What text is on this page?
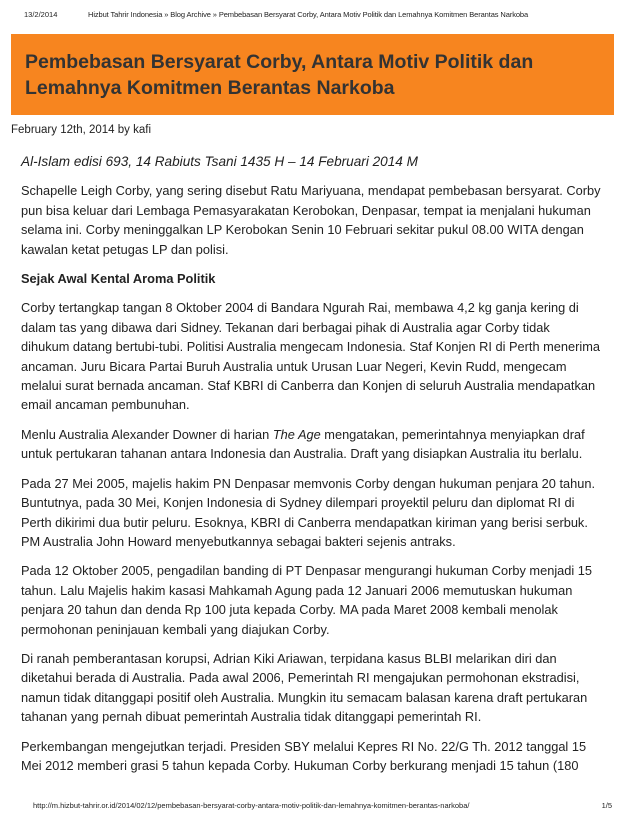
13/2/2014	Hizbut Tahrir Indonesia » Blog Archive » Pembebasan Bersyarat Corby, Antara Motiv Politik dan Lemahnya Komitmen Berantas Narkoba
Pembebasan Bersyarat Corby, Antara Motiv Politik dan Lemahnya Komitmen Berantas Narkoba
February 12th, 2014 by kafi

Al-Islam edisi 693, 14 Rabiuts Tsani 1435 H – 14 Februari 2014 M

Schapelle Leigh Corby, yang sering disebut Ratu Mariyuana, mendapat pembebasan bersyarat. Corby pun bisa keluar dari Lembaga Pemasyarakatan Kerobokan, Denpasar, tempat ia menjalani hukuman selama ini. Corby meninggalkan LP Kerobokan Senin 10 Februari sekitar pukul 08.00 WITA dengan kawalan ketat petugas LP dan polisi.

Sejak Awal Kental Aroma Politik

Corby tertangkap tangan 8 Oktober 2004 di Bandara Ngurah Rai, membawa 4,2 kg ganja kering di dalam tas yang dibawa dari Sidney. Tekanan dari berbagai pihak di Australia agar Corby tidak dihukum datang bertubi-tubi. Politisi Australia mengecam Indonesia. Staf Konjen RI di Perth menerima ancaman. Juru Bicara Partai Buruh Australia untuk Urusan Luar Negeri, Kevin Rudd, mengecam melalui surat bernada ancaman. Staf KBRI di Canberra dan Konjen di seluruh Australia mendapatkan email ancaman pembunuhan.

Menlu Australia Alexander Downer di harian The Age mengatakan, pemerintahnya menyiapkan draf untuk pertukaran tahanan antara Indonesia dan Australia. Draft yang disiapkan Australia itu berlalu.

Pada 27 Mei 2005, majelis hakim PN Denpasar memvonis Corby dengan hukuman penjara 20 tahun. Buntutnya, pada 30 Mei, Konjen Indonesia di Sydney dilempari proyektil peluru dan diplomat RI di Perth dikirimi dua butir peluru. Esoknya, KBRI di Canberra mendapatkan kiriman yang berisi serbuk. PM Australia John Howard menyebutkannya sebagai bakteri sejenis antraks.

Pada 12 Oktober 2005, pengadilan banding di PT Denpasar mengurangi hukuman Corby menjadi 15 tahun. Lalu Majelis hakim kasasi Mahkamah Agung pada 12 Januari 2006 memutuskan hukuman penjara 20 tahun dan denda Rp 100 juta kepada Corby. MA pada Maret 2008 kembali menolak permohonan peninjauan kembali yang diajukan Corby.

Di ranah pemberantasan korupsi, Adrian Kiki Ariawan, terpidana kasus BLBI melarikan diri dan diketahui berada di Australia. Pada awal 2006, Pemerintah RI mengajukan permohonan ekstradisi, namun tidak ditanggapi positif oleh Australia. Mungkin itu semacam balasan karena draft pertukaran tahanan yang pernah dibuat pemerintah Australia tidak ditanggapi pemerintah RI.

Perkembangan mengejutkan terjadi. Presiden SBY melalui Kepres RI No. 22/G Th. 2012 tanggal 15 Mei 2012 memberi grasi 5 tahun kepada Corby. Hukuman Corby berkurang menjadi 15 tahun (180

http://m.hizbut-tahrir.or.id/2014/02/12/pembebasan-bersyarat-corby-antara-motiv-politik-dan-lemahnya-komitmen-berantas-narkoba/	1/5
